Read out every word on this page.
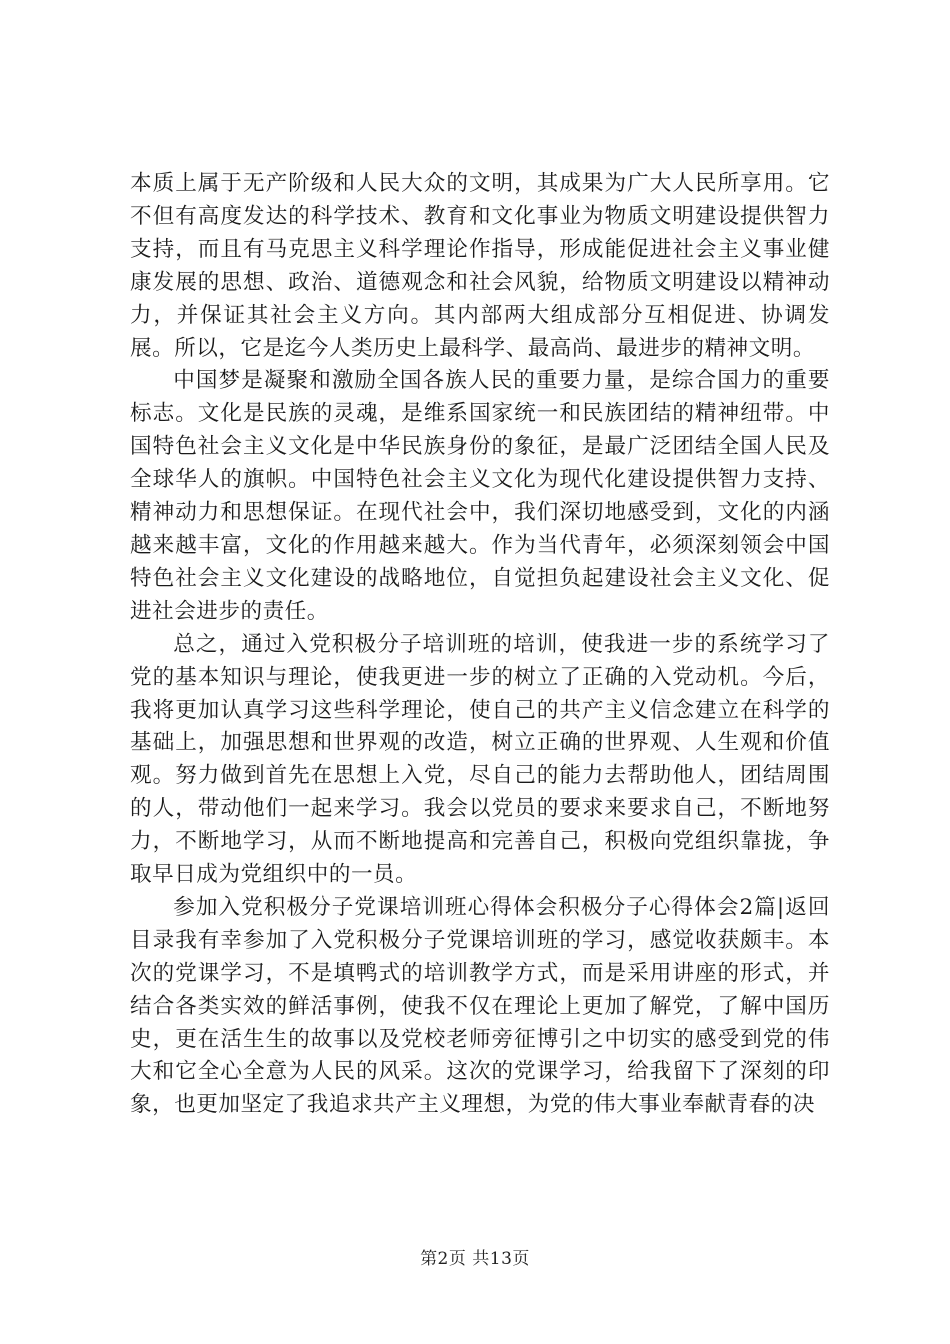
本质上属于无产阶级和人民大众的文明，其成果为广大人民所享用。它不但有高度发达的科学技术、教育和文化事业为物质文明建设提供智力支持，而且有马克思主义科学理论作指导，形成能促进社会主义事业健康发展的思想、政治、道德观念和社会风貌，给物质文明建设以精神动力，并保证其社会主义方向。其内部两大组成部分互相促进、协调发展。所以，它是迄今人类历史上最科学、最高尚、最进步的精神文明。

中国梦是凝聚和激励全国各族人民的重要力量，是综合国力的重要标志。文化是民族的灵魂，是维系国家统一和民族团结的精神纽带。中国特色社会主义文化是中华民族身份的象征，是最广泛团结全国人民及全球华人的旗帜。中国特色社会主义文化为现代化建设提供智力支持、精神动力和思想保证。在现代社会中，我们深切地感受到，文化的内涵越来越丰富，文化的作用越来越大。作为当代青年，必须深刻领会中国特色社会主义文化建设的战略地位，自觉担负起建设社会主义文化、促进社会进步的责任。

总之，通过入党积极分子培训班的培训，使我进一步的系统学习了党的基本知识与理论，使我更进一步的树立了正确的入党动机。今后，我将更加认真学习这些科学理论，使自己的共产主义信念建立在科学的基础上，加强思想和世界观的改造，树立正确的世界观、人生观和价值观。努力做到首先在思想上入党，尽自己的能力去帮助他人，团结周围的人，带动他们一起来学习。我会以党员的要求来要求自己，不断地努力，不断地学习，从而不断地提高和完善自己，积极向党组织靠拢，争取早日成为党组织中的一员。

参加入党积极分子党课培训班心得体会积极分子心得体会2篇|返回目录我有幸参加了入党积极分子党课培训班的学习，感觉收获颇丰。本次的党课学习，不是填鸭式的培训教学方式，而是采用讲座的形式，并结合各类实效的鲜活事例，使我不仅在理论上更加了解党，了解中国历史，更在活生生的故事以及党校老师旁征博引之中切实的感受到党的伟大和它全心全意为人民的风采。这次的党课学习，给我留下了深刻的印象，也更加坚定了我追求共产主义理想，为党的伟大事业奉献青春的决

第2页 共13页
